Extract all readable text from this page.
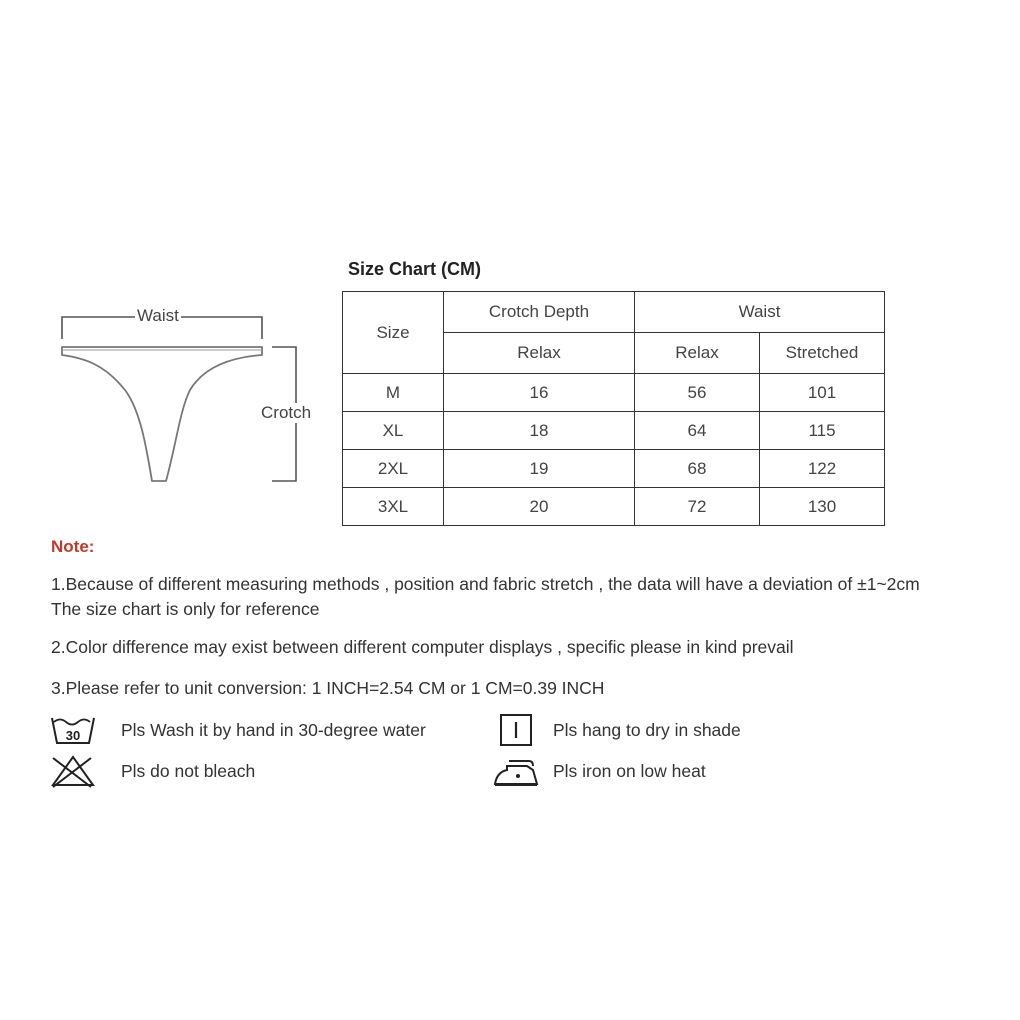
Waist
Crotch
Size Chart (CM)
Size	Crotch Depth	Waist	
	Relax	Relax	Stretched
M	16	56	101
XL	18	64	115
2XL	19	68	122
3XL	20	72	130
Note:
1.Because of different measuring methods , position and fabric stretch , the data will have a deviation of ±1~2cm
The size chart is only for reference
2.Color difference may exist between different computer displays , specific please in kind prevail
3.Please refer to unit conversion: 1 INCH=2.54 CM or 1 CM=0.39 INCH
30 Pls Wash it by hand in 30-degree water	Pls hang to dry in shade
Pls do not bleach	Pls iron on low heat
